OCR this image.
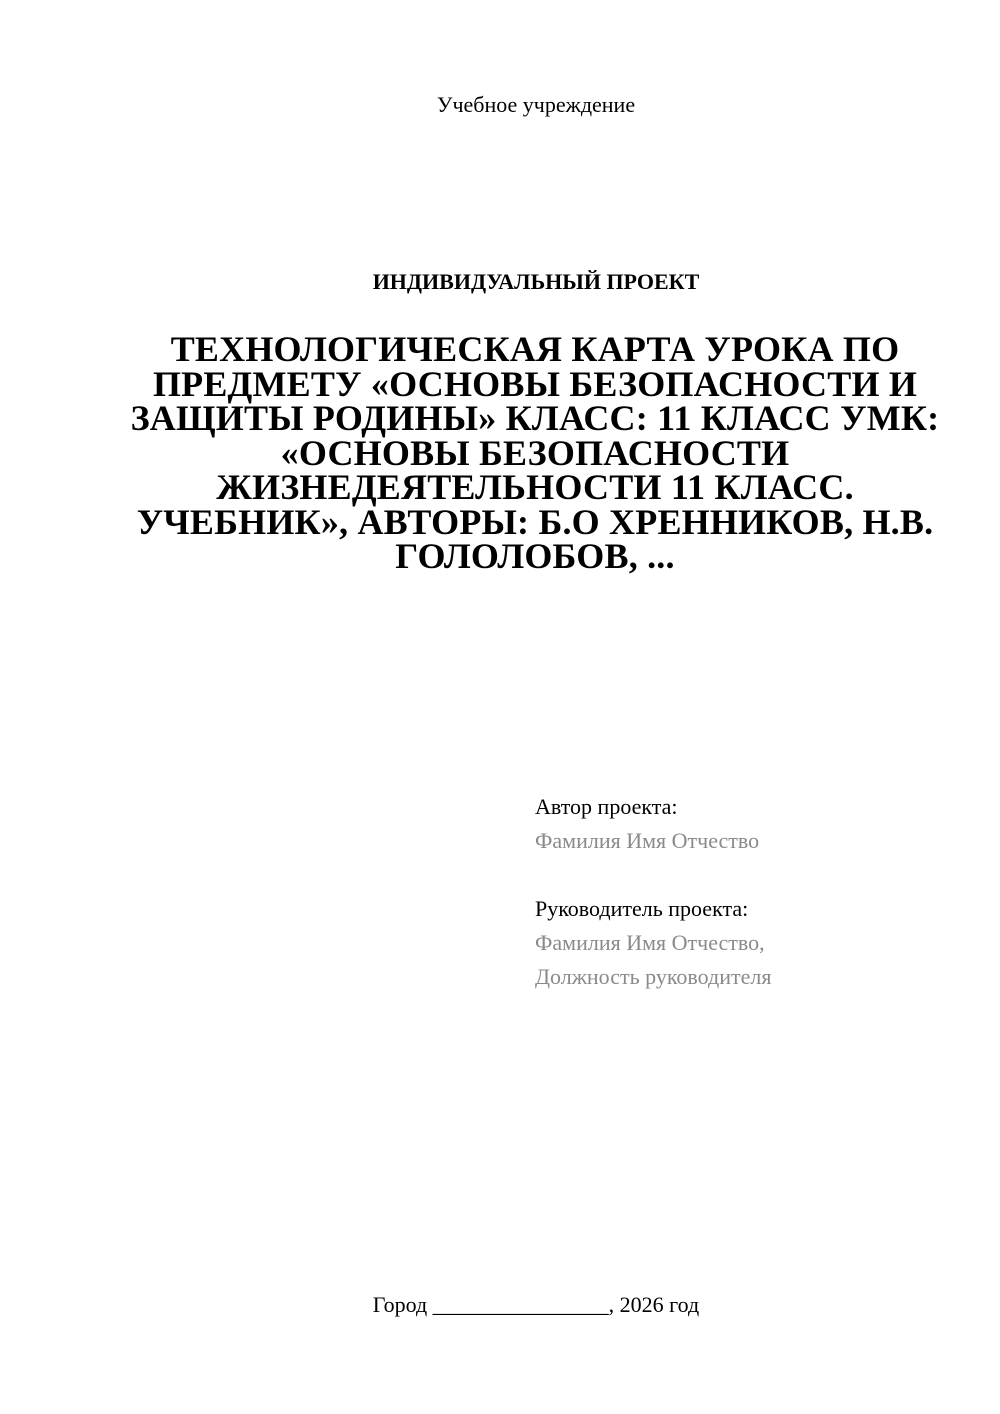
Учебное учреждение
ИНДИВИДУАЛЬНЫЙ ПРОЕКТ
ТЕХНОЛОГИЧЕСКАЯ КАРТА УРОКА ПО ПРЕДМЕТУ «ОСНОВЫ БЕЗОПАСНОСТИ И ЗАЩИТЫ РОДИНЫ» КЛАСС: 11 КЛАСС УМК: «ОСНОВЫ БЕЗОПАСНОСТИ ЖИЗНЕДЕЯТЕЛЬНОСТИ 11 КЛАСС. УЧЕБНИК», АВТОРЫ: Б.О ХРЕННИКОВ, Н.В. ГОЛОЛОБОВ, ...
Автор проекта:
Фамилия Имя Отчество
Руководитель проекта:
Фамилия Имя Отчество,
Должность руководителя
Город ________________, 2026 год
